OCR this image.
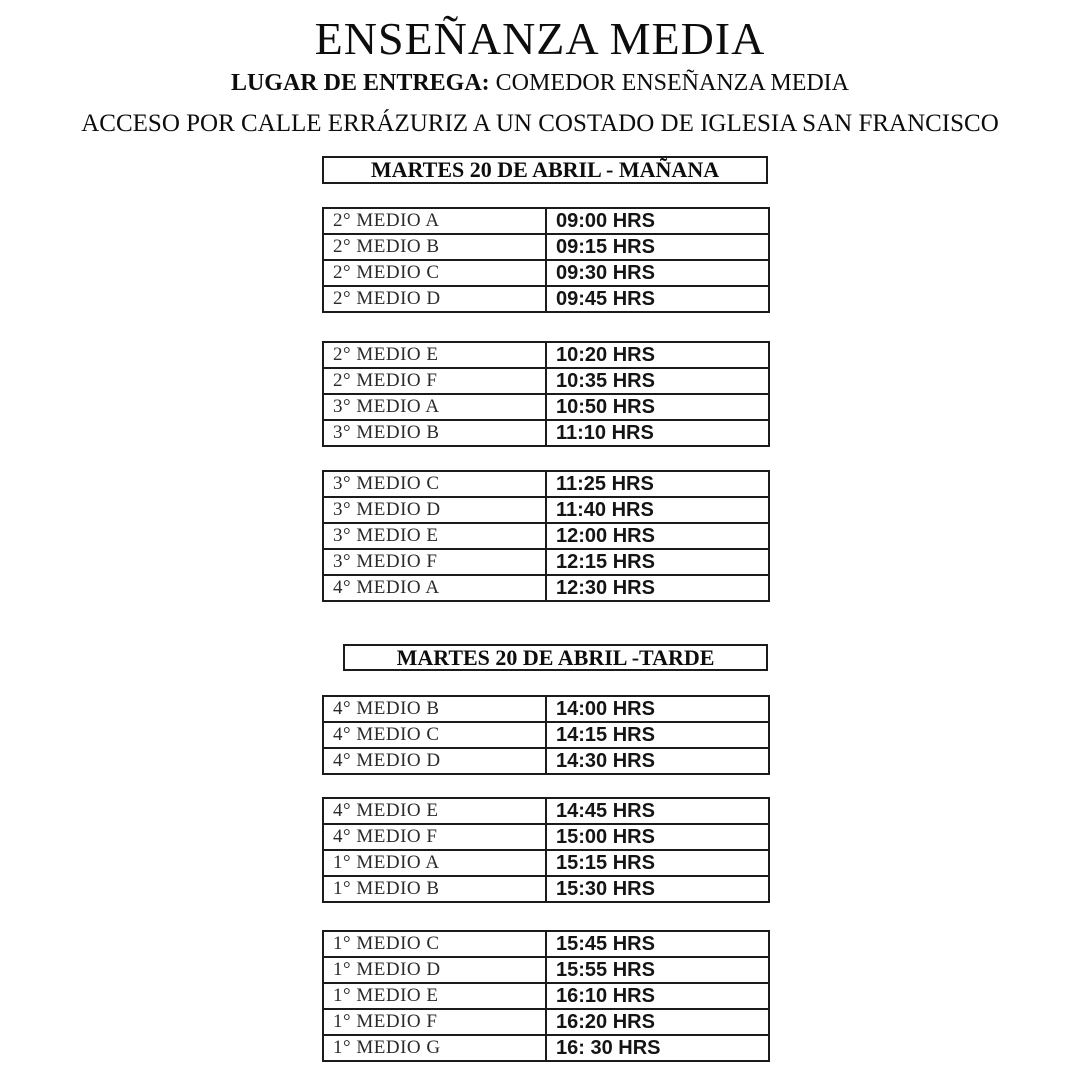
ENSEÑANZA MEDIA

LUGAR DE ENTREGA: COMEDOR ENSEÑANZA MEDIA

ACCESO POR CALLE ERRÁZURIZ A UN COSTADO DE IGLESIA SAN FRANCISCO

MARTES 20 DE ABRIL - MAÑANA
2° MEDIO A	09:00 HRS
2° MEDIO B	09:15 HRS
2° MEDIO C	09:30 HRS
2° MEDIO D	09:45 HRS
2° MEDIO E	10:20 HRS
2° MEDIO F	10:35 HRS
3° MEDIO A	10:50 HRS
3° MEDIO B	11:10 HRS
3° MEDIO C	11:25 HRS
3° MEDIO D	11:40 HRS
3° MEDIO E	12:00 HRS
3° MEDIO F	12:15 HRS
4° MEDIO A	12:30 HRS
MARTES 20 DE ABRIL -TARDE
4° MEDIO B	14:00 HRS
4° MEDIO C	14:15 HRS
4° MEDIO D	14:30 HRS
4° MEDIO E	14:45 HRS
4° MEDIO F	15:00 HRS
1° MEDIO A	15:15 HRS
1° MEDIO B	15:30 HRS
1° MEDIO C	15:45 HRS
1° MEDIO D	15:55 HRS
1° MEDIO E	16:10 HRS
1° MEDIO F	16:20 HRS
1° MEDIO G	16: 30 HRS
